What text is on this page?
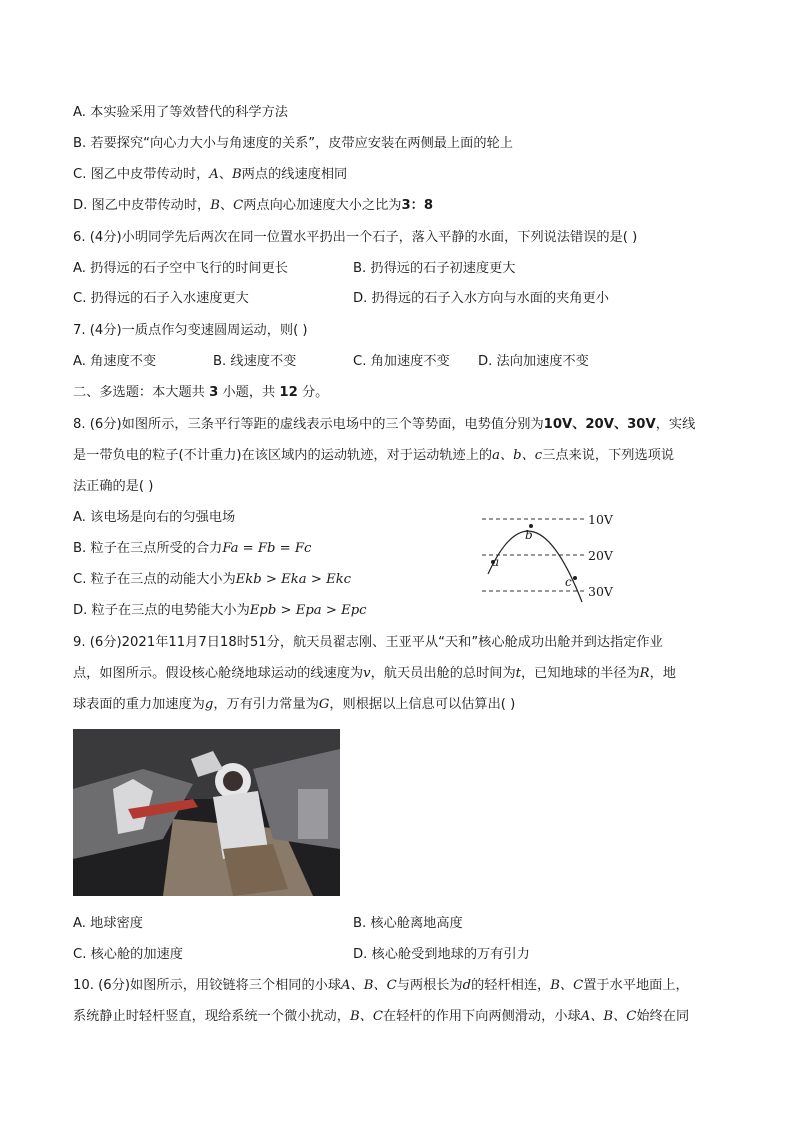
A. 本实验采用了等效替代的科学方法
B. 若要探究“向心力大小与角速度的关系”，皮带应安装在两侧最上面的轮上
C. 图乙中皮带传动时，A、B两点的线速度相同
D. 图乙中皮带传动时，B、C两点向心加速度大小之比为3：8
6. (4分)小明同学先后两次在同一位置水平扔出一个石子，落入平静的水面，下列说法错误的是( )
A. 扔得远的石子空中飞行的时间更长	B. 扔得远的石子初速度更大
C. 扔得远的石子入水速度更大	D. 扔得远的石子入水方向与水面的夹角更小
7. (4分)一质点作匀变速圆周运动，则( )
A. 角速度不变	B. 线速度不变	C. 角加速度不变 D. 法向加速度不变
二、多选题：本大题共 3 小题，共 12 分。
8. (6分)如图所示，三条平行等距的虚线表示电场中的三个等势面，电势值分别为10V、20V、30V，实线
是一带负电的粒子(不计重力)在该区域内的运动轨迹，对于运动轨迹上的a、b、c三点来说，下列选项说
法正确的是( )
A. 该电场是向右的匀强电场
B. 粒子在三点所受的合力Fa = Fb = Fc
C. 粒子在三点的动能大小为Ekb > Eka > Ekc
D. 粒子在三点的电势能大小为Epb > Epa > Epc
10V
20V
30V
a
b
c
9. (6分)2021年11月7日18时51分，航天员翟志刚、王亚平从“天和”核心舱成功出舱并到达指定作业
点，如图所示。假设核心舱绕地球运动的线速度为v，航天员出舱的总时间为t，已知地球的半径为R，地
球表面的重力加速度为g，万有引力常量为G，则根据以上信息可以估算出( )
A. 地球密度	B. 核心舱离地高度
C. 核心舱的加速度	D. 核心舱受到地球的万有引力
10. (6分)如图所示，用铰链将三个相同的小球A、B、C与两根长为d的轻杆相连，B、C置于水平地面上，
系统静止时轻杆竖直，现给系统一个微小扰动，B、C在轻杆的作用下向两侧滑动，小球A、B、C始终在同
